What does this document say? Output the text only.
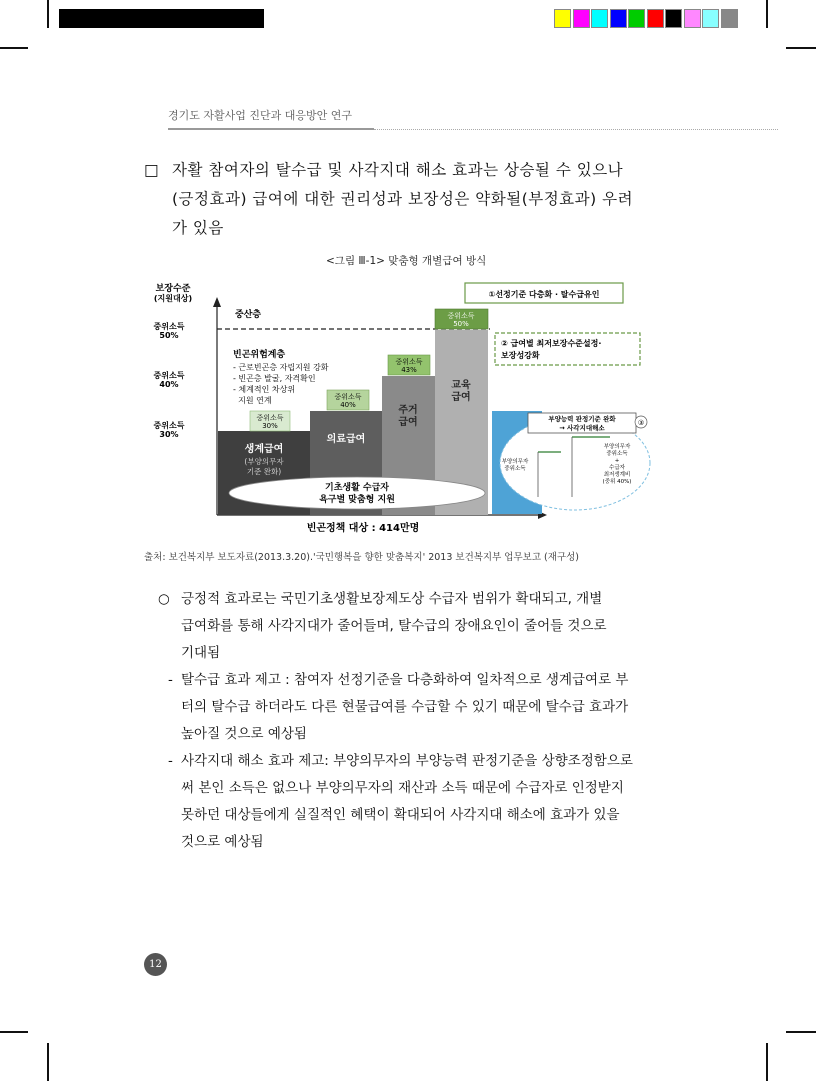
경기도 자활사업 진단과 대응방안 연구
□ 자활 참여자의 탈수급 및 사각지대 해소 효과는 상승될 수 있으나
(긍정효과) 급여에 대한 권리성과 보장성은 약화될(부정효과) 우려
가 있음
<그림 Ⅲ-1> 맞춤형 개별급여 방식
보장수준
(지원대상)
중위소득
50%
중위소득
40%
중위소득
30%
중산층
빈곤위험계층
- 근로빈곤층 자립지원 강화
- 빈곤층 발굴, 자격확인
- 체계적인 차상위
지원 연계
중위소득
30%
중위소득
40%
중위소득
43%
중위소득
50%
생계급여
(부양의무자
기준 완화)
의료급여
주거
급여
교육
급여
기초생활 수급자
욕구별 맞춤형 지원
①선정기준 다층화 · 탈수급유인
② 급여별 최저보장수준설정·
보장성강화
부양능력 판정기준 완화
→ 사각지대해소
③
부양의무자
중위소득
부양의무자
중위소득
+
수급자
최저생계비
(중위 40%)
빈곤정책 대상 : 414만명
출처: 보건복지부 보도자료(2013.3.20).'국민행복을 향한 맞춤복지' 2013 보건복지부 업무보고 (재구성)
○ 긍정적 효과로는 국민기초생활보장제도상 수급자 범위가 확대되고, 개별
급여화를 통해 사각지대가 줄어들며, 탈수급의 장애요인이 줄어들 것으로
기대됨
- 탈수급 효과 제고 : 참여자 선정기준을 다층화하여 일차적으로 생계급여로 부
터의 탈수급 하더라도 다른 현물급여를 수급할 수 있기 때문에 탈수급 효과가
높아질 것으로 예상됨
- 사각지대 해소 효과 제고: 부양의무자의 부양능력 판정기준을 상향조정함으로
써 본인 소득은 없으나 부양의무자의 재산과 소득 때문에 수급자로 인정받지
못하던 대상들에게 실질적인 혜택이 확대되어 사각지대 해소에 효과가 있을
것으로 예상됨
12
